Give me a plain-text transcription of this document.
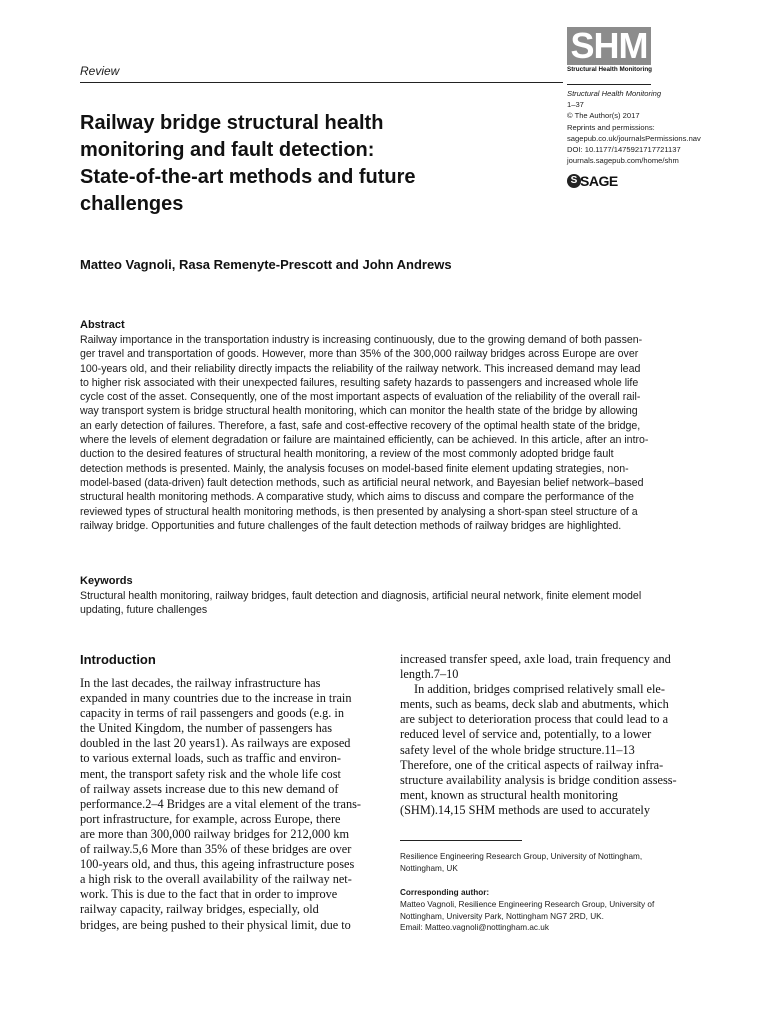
Review
SHM
Structural Health Monitoring
Structural Health Monitoring
1–37
© The Author(s) 2017
Reprints and permissions:
sagepub.co.uk/journalsPermissions.nav
DOI: 10.1177/1475921717721137
journals.sagepub.com/home/shm
S SAGE
Railway bridge structural health
monitoring and fault detection:
State-of-the-art methods and future
challenges
Matteo Vagnoli, Rasa Remenyte-Prescott and John Andrews
Abstract
Railway importance in the transportation industry is increasing continuously, due to the growing demand of both passen-
ger travel and transportation of goods. However, more than 35% of the 300,000 railway bridges across Europe are over
100-years old, and their reliability directly impacts the reliability of the railway network. This increased demand may lead
to higher risk associated with their unexpected failures, resulting safety hazards to passengers and increased whole life
cycle cost of the asset. Consequently, one of the most important aspects of evaluation of the reliability of the overall rail-
way transport system is bridge structural health monitoring, which can monitor the health state of the bridge by allowing
an early detection of failures. Therefore, a fast, safe and cost-effective recovery of the optimal health state of the bridge,
where the levels of element degradation or failure are maintained efficiently, can be achieved. In this article, after an intro-
duction to the desired features of structural health monitoring, a review of the most commonly adopted bridge fault
detection methods is presented. Mainly, the analysis focuses on model-based finite element updating strategies, non-
model-based (data-driven) fault detection methods, such as artificial neural network, and Bayesian belief network–based
structural health monitoring methods. A comparative study, which aims to discuss and compare the performance of the
reviewed types of structural health monitoring methods, is then presented by analysing a short-span steel structure of a
railway bridge. Opportunities and future challenges of the fault detection methods of railway bridges are highlighted.
Keywords
Structural health monitoring, railway bridges, fault detection and diagnosis, artificial neural network, finite element model
updating, future challenges
Introduction
In the last decades, the railway infrastructure has
expanded in many countries due to the increase in train
capacity in terms of rail passengers and goods (e.g. in
the United Kingdom, the number of passengers has
doubled in the last 20 years1). As railways are exposed
to various external loads, such as traffic and environ-
ment, the transport safety risk and the whole life cost
of railway assets increase due to this new demand of
performance.2–4 Bridges are a vital element of the trans-
port infrastructure, for example, across Europe, there
are more than 300,000 railway bridges for 212,000 km
of railway.5,6 More than 35% of these bridges are over
100-years old, and thus, this ageing infrastructure poses
a high risk to the overall availability of the railway net-
work. This is due to the fact that in order to improve
railway capacity, railway bridges, especially, old
bridges, are being pushed to their physical limit, due to
increased transfer speed, axle load, train frequency and
length.7–10
In addition, bridges comprised relatively small ele-
ments, such as beams, deck slab and abutments, which
are subject to deterioration process that could lead to a
reduced level of service and, potentially, to a lower
safety level of the whole bridge structure.11–13
Therefore, one of the critical aspects of railway infra-
structure availability analysis is bridge condition assess-
ment, known as structural health monitoring
(SHM).14,15 SHM methods are used to accurately
Resilience Engineering Research Group, University of Nottingham,
Nottingham, UK
Corresponding author:
Matteo Vagnoli, Resilience Engineering Research Group, University of
Nottingham, University Park, Nottingham NG7 2RD, UK.
Email: Matteo.vagnoli@nottingham.ac.uk
